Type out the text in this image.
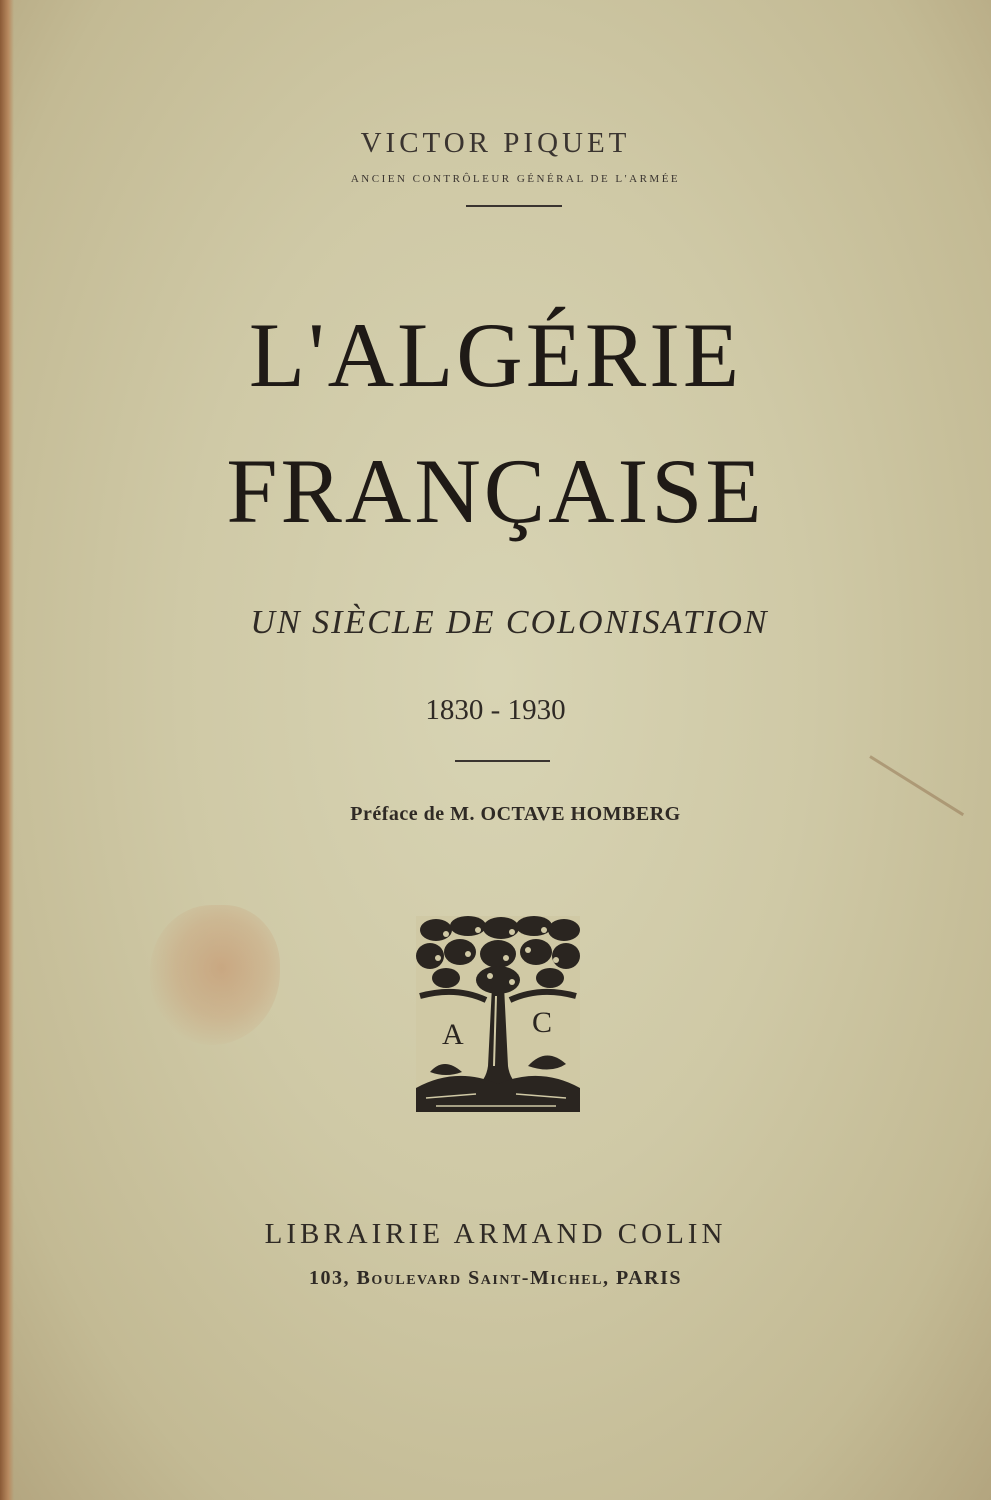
VICTOR PIQUET
ANCIEN CONTRÔLEUR GÉNÉRAL DE L'ARMÉE
L'ALGÉRIE
FRANÇAISE
UN SIÈCLE DE COLONISATION
1830 - 1930
Préface de M. OCTAVE HOMBERG
A C
LIBRAIRIE ARMAND COLIN
103, Boulevard Saint-Michel, PARIS
